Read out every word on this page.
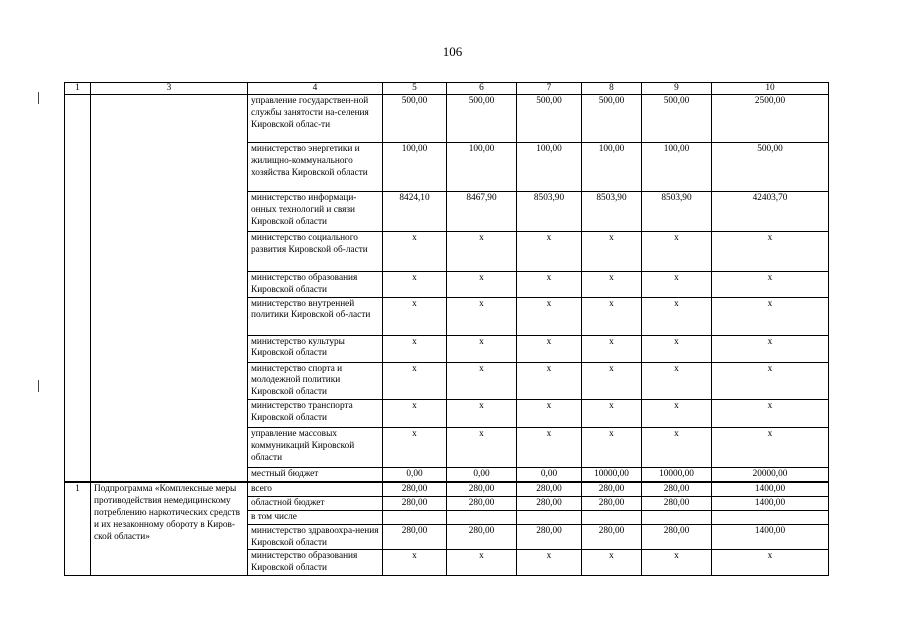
106
1	3	4	5	6	7	8	9	10
		управление государствен-ной службы занятости на-селения Кировской облас-ти	500,00	500,00	500,00	500,00	500,00	2500,00
		министерство энергетики и жилищно-коммунального хозяйства Кировской области	100,00	100,00	100,00	100,00	100,00	500,00
		министерство информаци-онных технологий и связи Кировской области	8424,10	8467,90	8503,90	8503,90	8503,90	42403,70
		министерство социального развития Кировской об-ласти	x	x	x	x	x	x
		министерство образования Кировской области	x	x	x	x	x	x
		министерство внутренней политики Кировской об-ласти	x	x	x	x	x	x
		министерство культуры Кировской области	x	x	x	x	x	x
		министерство спорта и молодежной политики Кировской области	x	x	x	x	x	x
		министерство транспорта Кировской области	x	x	x	x	x	x
		управление массовых коммуникаций Кировской области	x	x	x	x	x	x
		местный бюджет	0,00	0,00	0,00	10000,00	10000,00	20000,00
1	Подпрограмма «Комплексные меры противодействия немедицинскому потреблению наркотических средств и их незаконному обороту в Киров-ской области»	всего	280,00	280,00	280,00	280,00	280,00	1400,00
		областной бюджет	280,00	280,00	280,00	280,00	280,00	1400,00
		в том числе						
		министерство здравоохра-нения Кировской области	280,00	280,00	280,00	280,00	280,00	1400,00
		министерство образования Кировской области	x	x	x	x	x	x
